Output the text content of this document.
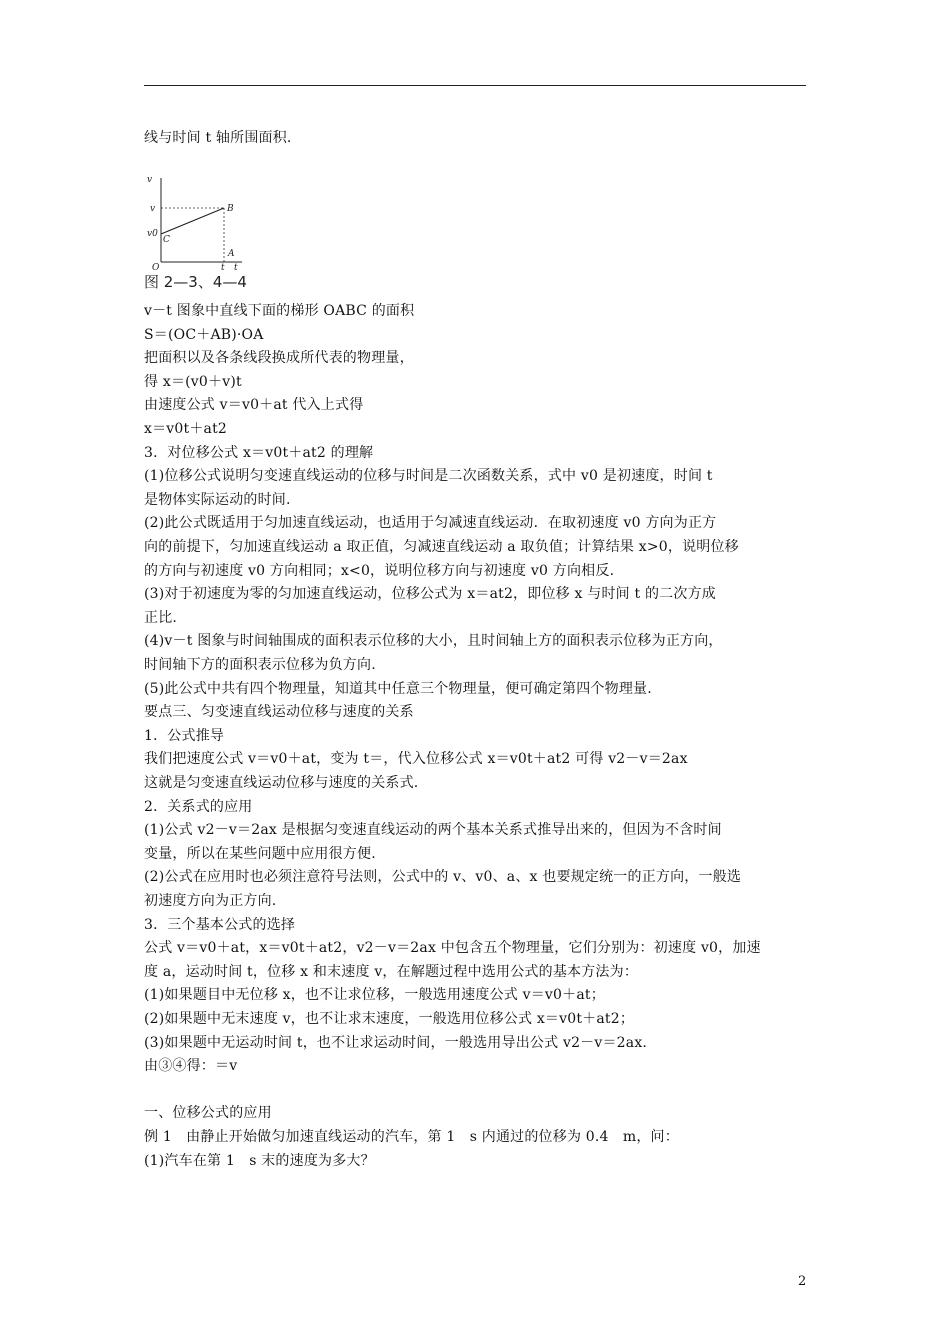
线与时间 t 轴所围面积.
v
v
v0
C
B
A
O	t t
图 2—3、4—4
v－t 图象中直线下面的梯形 OABC 的面积
S＝(OC＋AB)·OA
把面积以及各条线段换成所代表的物理量，
得 x＝(v0＋v)t
由速度公式 v＝v0＋at 代入上式得
x＝v0t＋at2
3．对位移公式 x＝v0t＋at2 的理解
(1)位移公式说明匀变速直线运动的位移与时间是二次函数关系，式中 v0 是初速度，时间 t
是物体实际运动的时间.
(2)此公式既适用于匀加速直线运动，也适用于匀减速直线运动．在取初速度 v0 方向为正方
向的前提下，匀加速直线运动 a 取正值，匀减速直线运动 a 取负值；计算结果 x>0，说明位移
的方向与初速度 v0 方向相同；x<0，说明位移方向与初速度 v0 方向相反.
(3)对于初速度为零的匀加速直线运动，位移公式为 x＝at2，即位移 x 与时间 t 的二次方成
正比.
(4)v－t 图象与时间轴围成的面积表示位移的大小，且时间轴上方的面积表示位移为正方向，
时间轴下方的面积表示位移为负方向.
(5)此公式中共有四个物理量，知道其中任意三个物理量，便可确定第四个物理量.
要点三、匀变速直线运动位移与速度的关系
1．公式推导
我们把速度公式 v＝v0＋at，变为 t＝，代入位移公式 x＝v0t＋at2 可得 v2－v＝2ax
这就是匀变速直线运动位移与速度的关系式.
2．关系式的应用
(1)公式 v2－v＝2ax 是根据匀变速直线运动的两个基本关系式推导出来的，但因为不含时间
变量，所以在某些问题中应用很方便.
(2)公式在应用时也必须注意符号法则，公式中的 v、v0、a、x 也要规定统一的正方向，一般选
初速度方向为正方向.
3．三个基本公式的选择
公式 v＝v0＋at，x＝v0t＋at2，v2－v＝2ax 中包含五个物理量，它们分别为：初速度 v0，加速
度 a，运动时间 t，位移 x 和末速度 v，在解题过程中选用公式的基本方法为：
(1)如果题目中无位移 x，也不让求位移，一般选用速度公式 v＝v0＋at；
(2)如果题中无末速度 v，也不让求末速度，一般选用位移公式 x＝v0t＋at2；
(3)如果题中无运动时间 t，也不让求运动时间，一般选用导出公式 v2－v＝2ax.
由③④得：＝v
一、位移公式的应用
例 1　由静止开始做匀加速直线运动的汽车，第 1　s 内通过的位移为 0.4　m，问：
(1)汽车在第 1　s 末的速度为多大？
2
